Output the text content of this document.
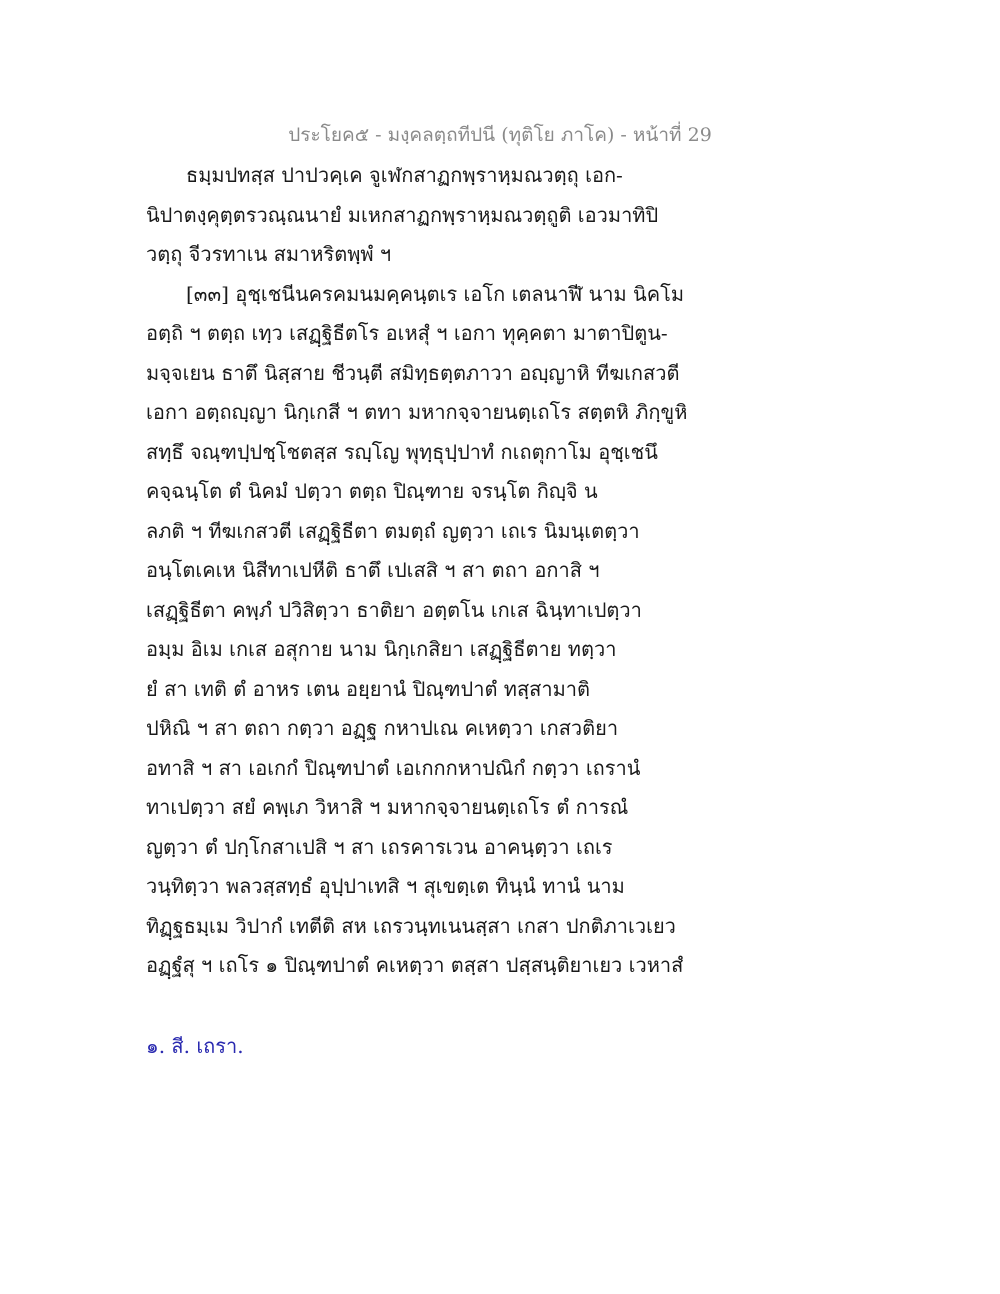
ประโยค๕ - มงฺคลตฺถทีปนี (ทุติโย ภาโค) - หน้าที่ 29
ธมฺมปทสฺส ปาปวคฺเค จูเฬกสาฏกพฺราหฺมณวตฺถุ เอก-
นิปาตงฺคุตฺตรวณฺณนายํ มเหกสาฏกพฺราหฺมณวตฺถูติ เอวมาทิปิ
วตฺถุ จีวรทาเน สมาหริตพฺพํ ฯ
[๓๓] อุชฺเชนีนครคมนมคฺคนฺตเร เอโก เตลนาฬี นาม นิคโม
อตฺถิ ฯ ตตฺถ เทฺว เสฏฺฐิธีตโร อเหสุํ ฯ เอกา ทุคฺคตา มาตาปิตูน-
มจฺจเยน ธาตึ นิสฺสาย ชีวนฺตี สมิทฺธตฺตภาวา อญฺญาหิ ทีฆเกสวตี
เอกา อตฺถญฺญา นิกฺเกสี ฯ ตทา มหากจฺจายนตฺเถโร สตฺตหิ ภิกฺขูหิ
สทฺธึ จณฺฑปฺปชฺโชตสฺส รญฺโญ พุทฺธุปฺปาทํ กเถตุกาโม อุชฺเชนึ
คจฺฉนฺโต ตํ นิคมํ ปตฺวา ตตฺถ ปิณฺฑาย จรนฺโต กิญฺจิ น
ลภติ ฯ ทีฆเกสวตี เสฏฺฐิธีตา ตมตฺถํ ญตฺวา เถเร นิมนฺเตตฺวา
อนฺโตเคเห นิสีทาเปหีติ ธาตึ เปเสสิ ฯ สา ตถา อกาสิ ฯ
เสฏฺฐิธีตา คพฺภํ ปวิสิตฺวา ธาติยา อตฺตโน เกเส ฉินฺทาเปตฺวา
อมฺม อิเม เกเส อสุกาย นาม นิกฺเกสิยา เสฏฺฐิธีตาย ทตฺวา
ยํ สา เทติ ตํ อาหร เตน อยฺยานํ ปิณฺฑปาตํ ทสฺสามาติ
ปหิณิ ฯ สา ตถา กตฺวา อฏฺฐ กหาปเณ คเหตฺวา เกสวติยา
อทาสิ ฯ สา เอเกกํ ปิณฺฑปาตํ เอเกกกหาปณิกํ กตฺวา เถรานํ
ทาเปตฺวา สยํ คพฺเภ วิหาสิ ฯ มหากจฺจายนตฺเถโร ตํ การณํ
ญตฺวา ตํ ปกฺโกสาเปสิ ฯ สา เถรคารเวน อาคนฺตฺวา เถเร
วนฺทิตฺวา พลวสฺสทฺธํ อุปฺปาเทสิ ฯ สุเขตฺเต ทินฺนํ ทานํ นาม
ทิฏฺฐธมฺเม วิปากํ เทตีติ สห เถรวนฺทเนนสฺสา เกสา ปกติภาเวเยว
อฏฺฐํสุ ฯ เถโร ๑ ปิณฺฑปาตํ คเหตฺวา ตสฺสา ปสฺสนฺติยาเยว เวหาสํ
๑. สี. เถรา.
